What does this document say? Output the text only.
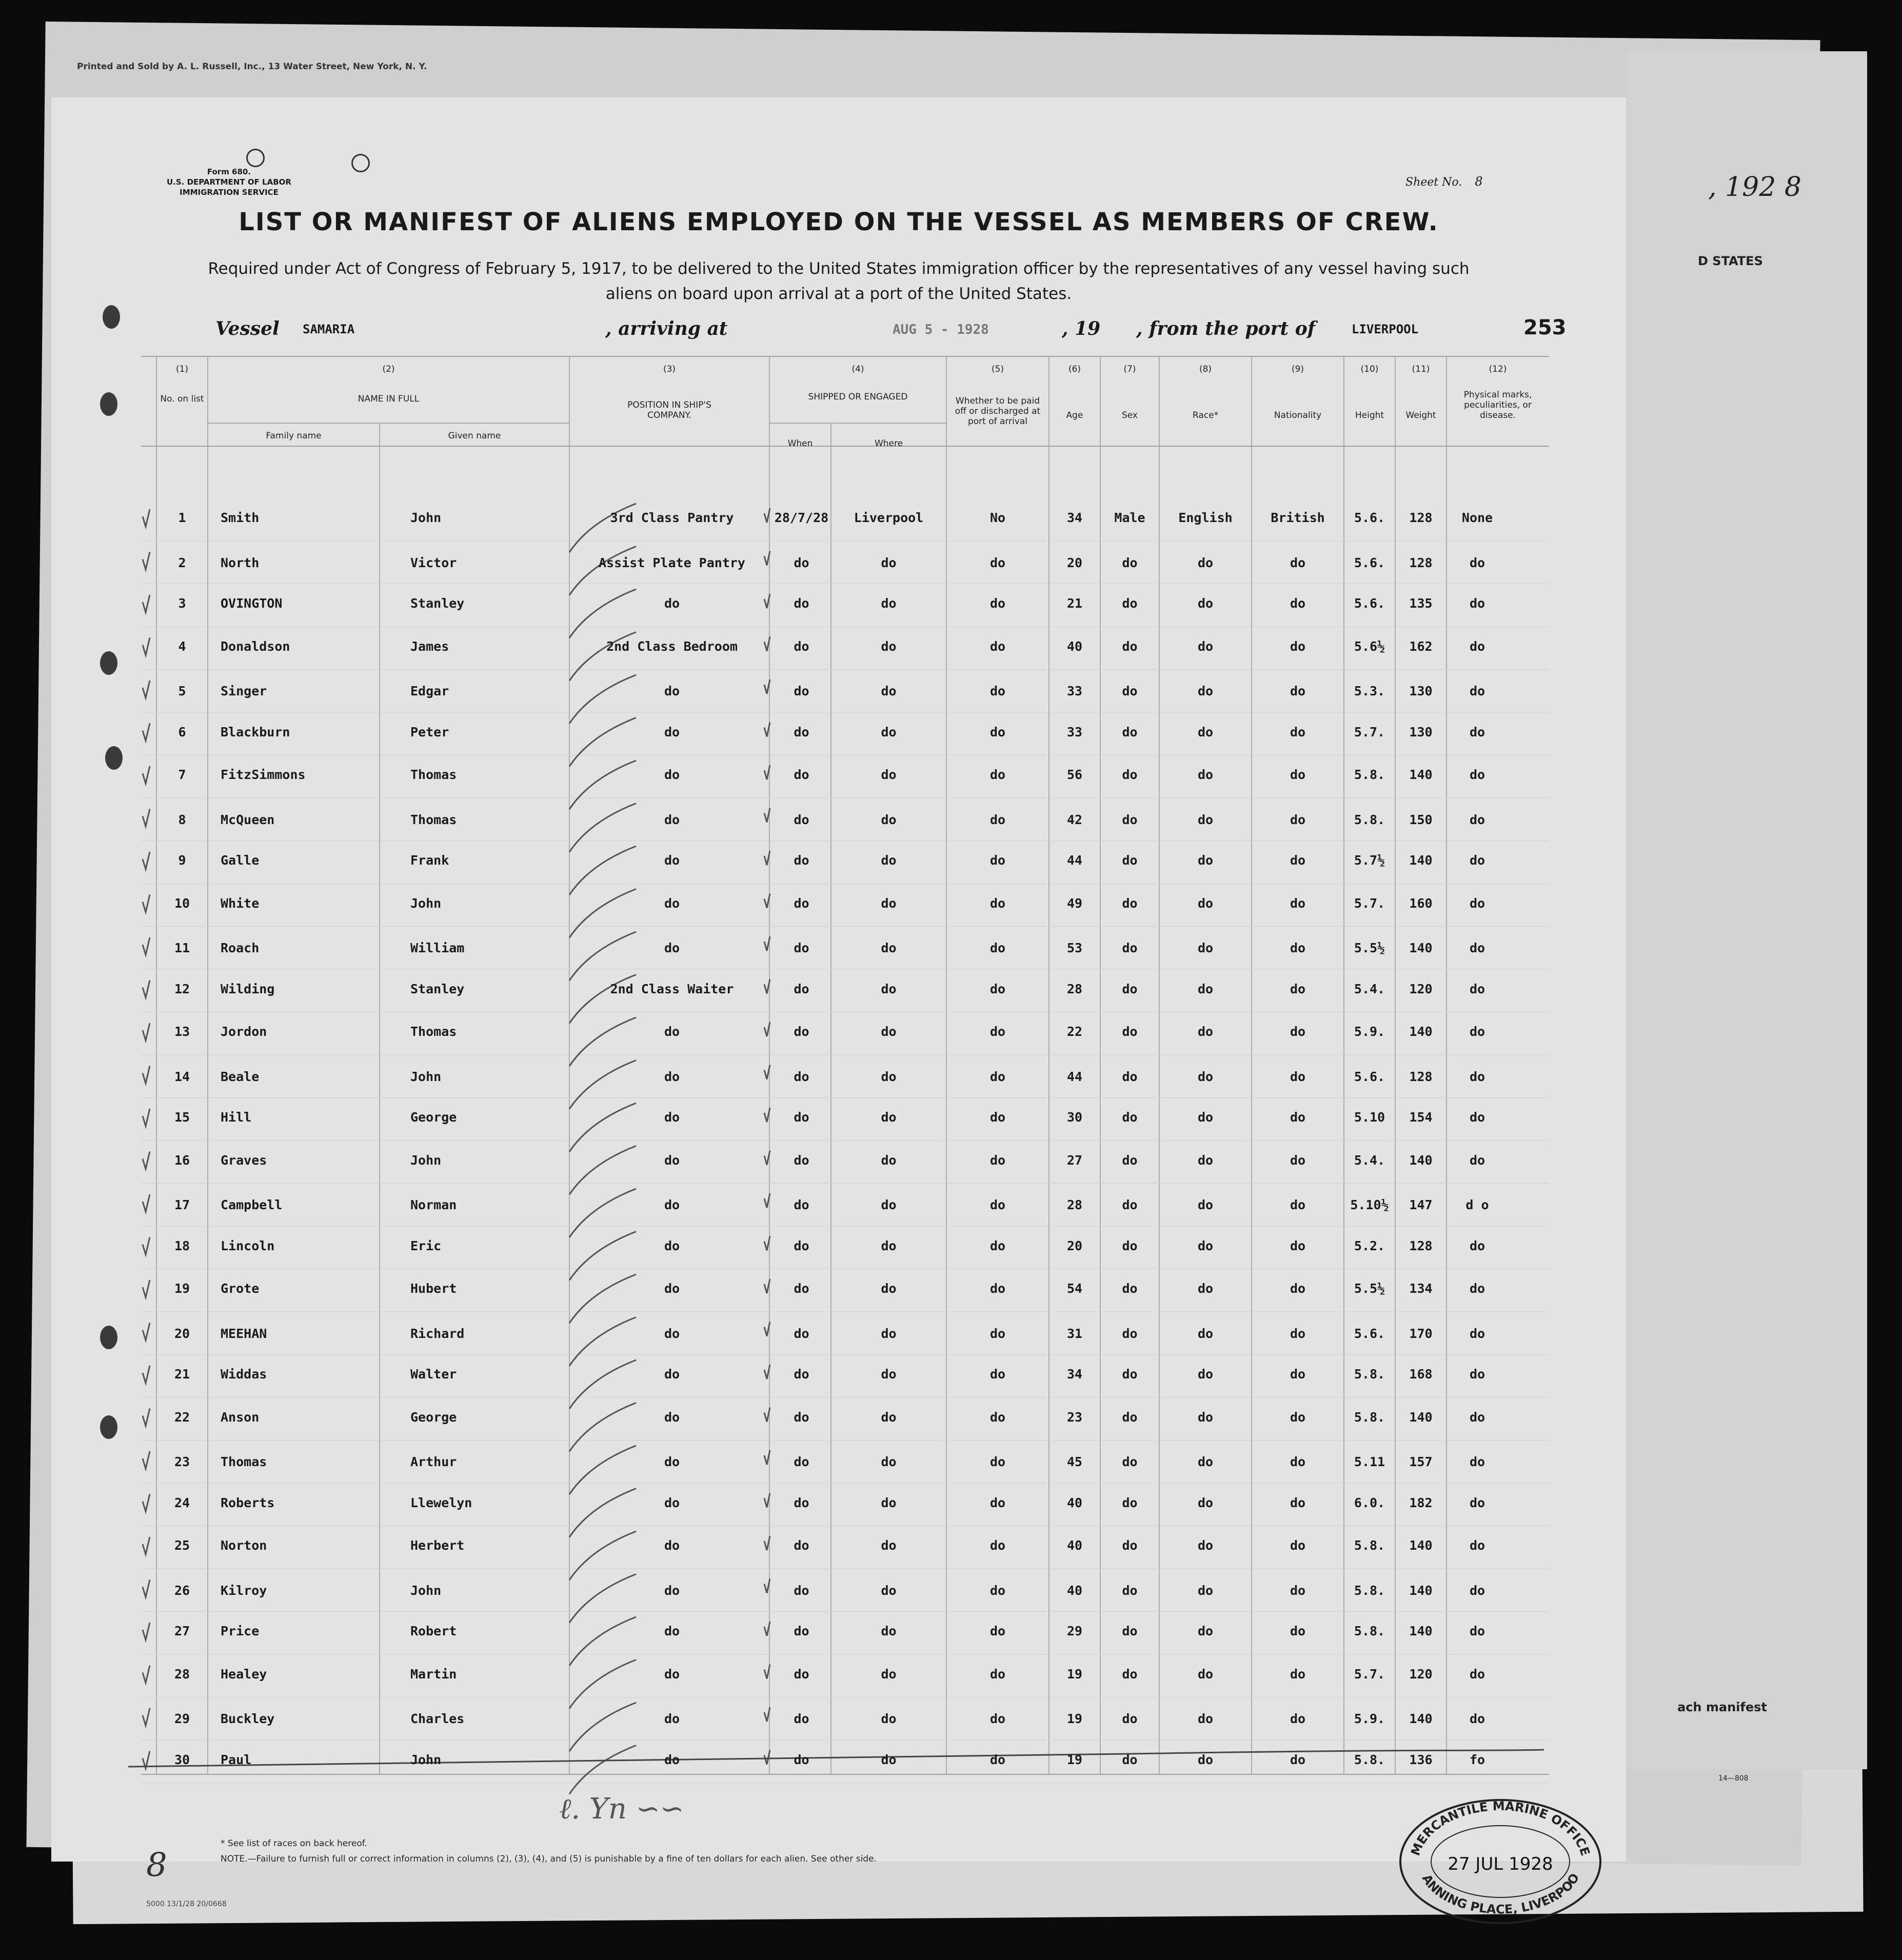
, 192 8
D STATES
ach manifest
14—808
Printed and Sold by A. L. Russell, Inc., 13 Water Street, New York, N. Y.
Form 680.
U.S. DEPARTMENT OF LABOR
IMMIGRATION SERVICE
Sheet No. 8
LIST OR MANIFEST OF ALIENS EMPLOYED ON THE VESSEL AS MEMBERS OF CREW.
Required under Act of Congress of February 5, 1917, to be delivered to the United States immigration officer by the representatives of any vessel having such
aliens on board upon arrival at a port of the United States.
Vessel SAMARIA	, arriving at	AUG 5 - 1928	, 19 , from the port of	LIVERPOOL	253
(1)
No. on list
(2)
NAME IN FULL
Family name	Given name
(3)
POSITION IN SHIP'S COMPANY.
(4)
SHIPPED OR ENGAGED
When	Where
(5)
Whether to be paid off or discharged at port of arrival
(6)
Age
(7)
Sex
(8)
Race*
(9)
Nationality
(10)
Height
(11)
Weight
(12)
Physical marks, peculiarities, or disease.
1	Smith	John	3rd Class Pantry	28/7/28	Liverpool	No	34	Male	English	British	5.6.	128	None
2	North	Victor	Assist Plate Pantry	do	do	do	20	do	do	do	5.6.	128	do
3	OVINGTON	Stanley	do	do	do	do	21	do	do	do	5.6.	135	do
4	Donaldson	James	2nd Class Bedroom	do	do	do	40	do	do	do	5.6½	162	do
5	Singer	Edgar	do	do	do	do	33	do	do	do	5.3.	130	do
6	Blackburn	Peter	do	do	do	do	33	do	do	do	5.7.	130	do
7	FitzSimmons	Thomas	do	do	do	do	56	do	do	do	5.8.	140	do
8	McQueen	Thomas	do	do	do	do	42	do	do	do	5.8.	150	do
9	Galle	Frank	do	do	do	do	44	do	do	do	5.7½	140	do
10	White	John	do	do	do	do	49	do	do	do	5.7.	160	do
11	Roach	William	do	do	do	do	53	do	do	do	5.5½	140	do
12	Wilding	Stanley	2nd Class Waiter	do	do	do	28	do	do	do	5.4.	120	do
13	Jordon	Thomas	do	do	do	do	22	do	do	do	5.9.	140	do
14	Beale	John	do	do	do	do	44	do	do	do	5.6.	128	do
15	Hill	George	do	do	do	do	30	do	do	do	5.10	154	do
16	Graves	John	do	do	do	do	27	do	do	do	5.4.	140	do
17	Campbell	Norman	do	do	do	do	28	do	do	do	5.10½	147	d o
18	Lincoln	Eric	do	do	do	do	20	do	do	do	5.2.	128	do
19	Grote	Hubert	do	do	do	do	54	do	do	do	5.5½	134	do
20	MEEHAN	Richard	do	do	do	do	31	do	do	do	5.6.	170	do
21	Widdas	Walter	do	do	do	do	34	do	do	do	5.8.	168	do
22	Anson	George	do	do	do	do	23	do	do	do	5.8.	140	do
23	Thomas	Arthur	do	do	do	do	45	do	do	do	5.11	157	do
24	Roberts	Llewelyn	do	do	do	do	40	do	do	do	6.0.	182	do
25	Norton	Herbert	do	do	do	do	40	do	do	do	5.8.	140	do
26	Kilroy	John	do	do	do	do	40	do	do	do	5.8.	140	do
27	Price	Robert	do	do	do	do	29	do	do	do	5.8.	140	do
28	Healey	Martin	do	do	do	do	19	do	do	do	5.7.	120	do
29	Buckley	Charles	do	do	do	do	19	do	do	do	5.9.	140	do
30	Paul	John	do	do	do	do	19	do	do	do	5.8.	136	fo
ℓ. Yn ∽∽
8
* See list of races on back hereof.
NOTE.—Failure to furnish full or correct information in columns (2), (3), (4), and (5) is punishable by a fine of ten dollars for each alien. See other side.
5000 13/1/28 20/0668
MERCANTILE MARINE OFFICE
ANNING PLACE, LIVERPOO
27 JUL 1928
